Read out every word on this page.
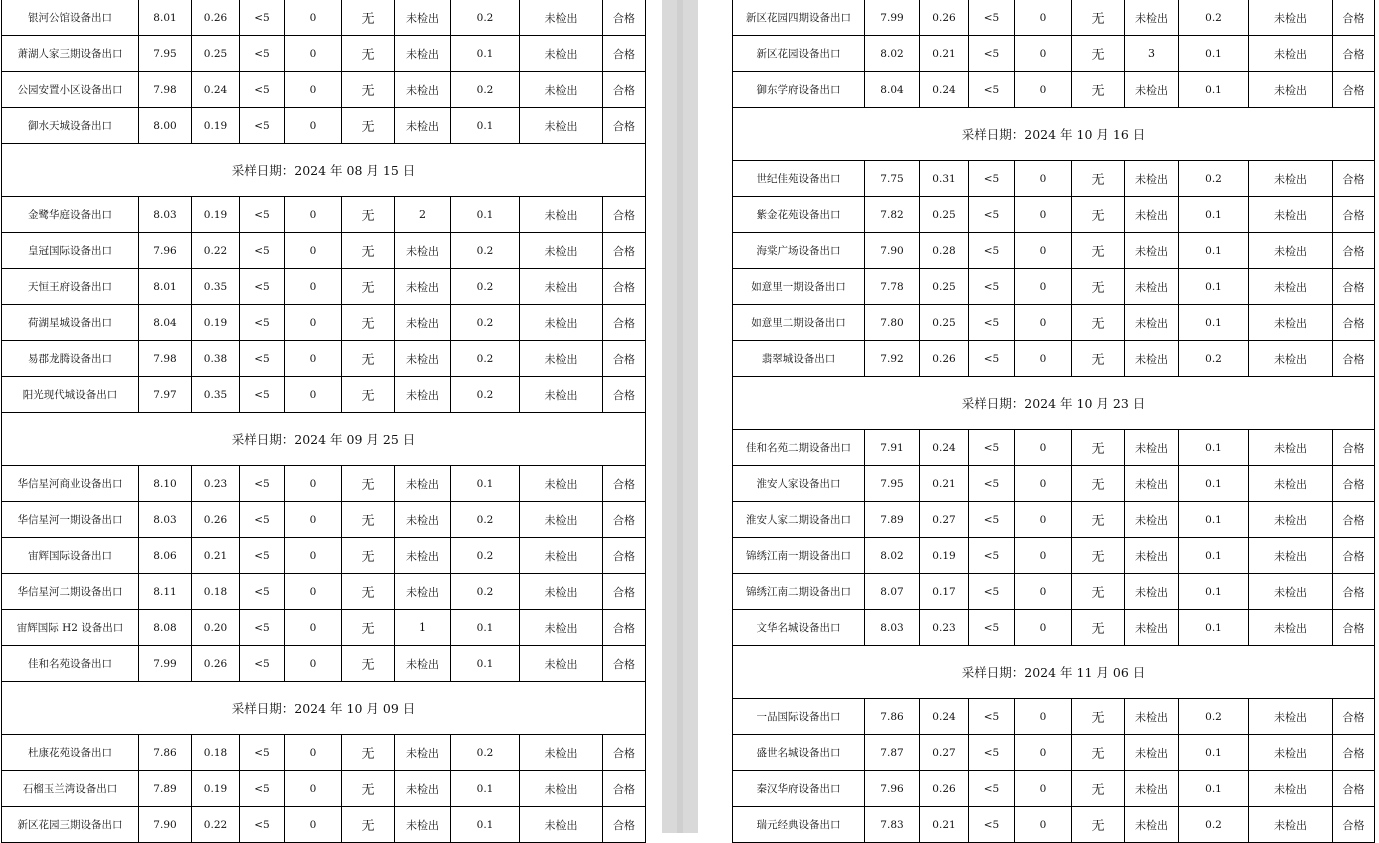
银河公馆设备出口	8.01	0.26	<5	0	无	未检出	0.2	未检出	合格
萧湖人家三期设备出口	7.95	0.25	<5	0	无	未检出	0.1	未检出	合格
公园安置小区设备出口	7.98	0.24	<5	0	无	未检出	0.2	未检出	合格
御水天城设备出口	8.00	0.19	<5	0	无	未检出	0.1	未检出	合格
采样日期：2024 年 08 月 15 日									
金鹭华庭设备出口	8.03	0.19	<5	0	无	2	0.1	未检出	合格
皇冠国际设备出口	7.96	0.22	<5	0	无	未检出	0.2	未检出	合格
天恒王府设备出口	8.01	0.35	<5	0	无	未检出	0.2	未检出	合格
荷湖星城设备出口	8.04	0.19	<5	0	无	未检出	0.2	未检出	合格
易郡龙腾设备出口	7.98	0.38	<5	0	无	未检出	0.2	未检出	合格
阳光现代城设备出口	7.97	0.35	<5	0	无	未检出	0.2	未检出	合格
采样日期：2024 年 09 月 25 日									
华信星河商业设备出口	8.10	0.23	<5	0	无	未检出	0.1	未检出	合格
华信星河一期设备出口	8.03	0.26	<5	0	无	未检出	0.2	未检出	合格
宙辉国际设备出口	8.06	0.21	<5	0	无	未检出	0.2	未检出	合格
华信星河二期设备出口	8.11	0.18	<5	0	无	未检出	0.2	未检出	合格
宙辉国际 H2 设备出口	8.08	0.20	<5	0	无	1	0.1	未检出	合格
佳和名苑设备出口	7.99	0.26	<5	0	无	未检出	0.1	未检出	合格
采样日期：2024 年 10 月 09 日									
杜康花苑设备出口	7.86	0.18	<5	0	无	未检出	0.2	未检出	合格
石榴玉兰湾设备出口	7.89	0.19	<5	0	无	未检出	0.1	未检出	合格
新区花园三期设备出口	7.90	0.22	<5	0	无	未检出	0.1	未检出	合格
新区花园四期设备出口	7.99	0.26	<5	0	无	未检出	0.2	未检出	合格
新区花园设备出口	8.02	0.21	<5	0	无	3	0.1	未检出	合格
御东学府设备出口	8.04	0.24	<5	0	无	未检出	0.1	未检出	合格
采样日期：2024 年 10 月 16 日									
世纪佳苑设备出口	7.75	0.31	<5	0	无	未检出	0.2	未检出	合格
紫金花苑设备出口	7.82	0.25	<5	0	无	未检出	0.1	未检出	合格
海棠广场设备出口	7.90	0.28	<5	0	无	未检出	0.1	未检出	合格
如意里一期设备出口	7.78	0.25	<5	0	无	未检出	0.1	未检出	合格
如意里二期设备出口	7.80	0.25	<5	0	无	未检出	0.1	未检出	合格
翡翠城设备出口	7.92	0.26	<5	0	无	未检出	0.2	未检出	合格
采样日期：2024 年 10 月 23 日									
佳和名苑二期设备出口	7.91	0.24	<5	0	无	未检出	0.1	未检出	合格
淮安人家设备出口	7.95	0.21	<5	0	无	未检出	0.1	未检出	合格
淮安人家二期设备出口	7.89	0.27	<5	0	无	未检出	0.1	未检出	合格
锦绣江南一期设备出口	8.02	0.19	<5	0	无	未检出	0.1	未检出	合格
锦绣江南二期设备出口	8.07	0.17	<5	0	无	未检出	0.1	未检出	合格
文华名城设备出口	8.03	0.23	<5	0	无	未检出	0.1	未检出	合格
采样日期：2024 年 11 月 06 日									
一品国际设备出口	7.86	0.24	<5	0	无	未检出	0.2	未检出	合格
盛世名城设备出口	7.87	0.27	<5	0	无	未检出	0.1	未检出	合格
秦汉华府设备出口	7.96	0.26	<5	0	无	未检出	0.1	未检出	合格
瑞元经典设备出口	7.83	0.21	<5	0	无	未检出	0.2	未检出	合格
